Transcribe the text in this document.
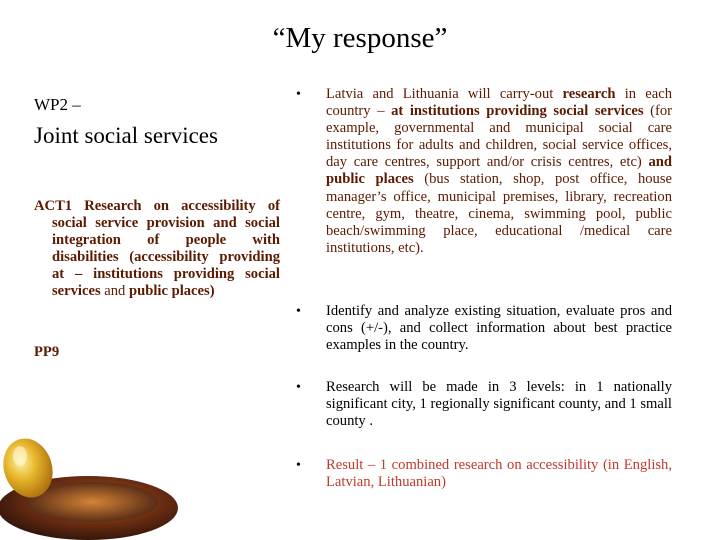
“My response”
WP2 –
Joint social services
ACT1 Research on accessibility of social service provision and social integration of people with disabilities (accessibility providing at – institutions providing social services and public places)
PP9
• Latvia and Lithuania will carry-out research in each country – at institutions providing social services (for example, governmental and municipal social care institutions for adults and children, social service offices, day care centres, support and/or crisis centres, etc) and public places (bus station, shop, post office, house manager’s office, municipal premises, library, recreation centre, gym, theatre, cinema, swimming pool, public beach/swimming place, educational /medical care institutions, etc).
• Identify and analyze existing situation, evaluate pros and cons (+/-), and collect information about best practice examples in the country.
• Research will be made in 3 levels: in 1 nationally significant city, 1 regionally significant county, and 1 small county .
• Result – 1 combined research on accessibility (in English, Latvian, Lithuanian)
